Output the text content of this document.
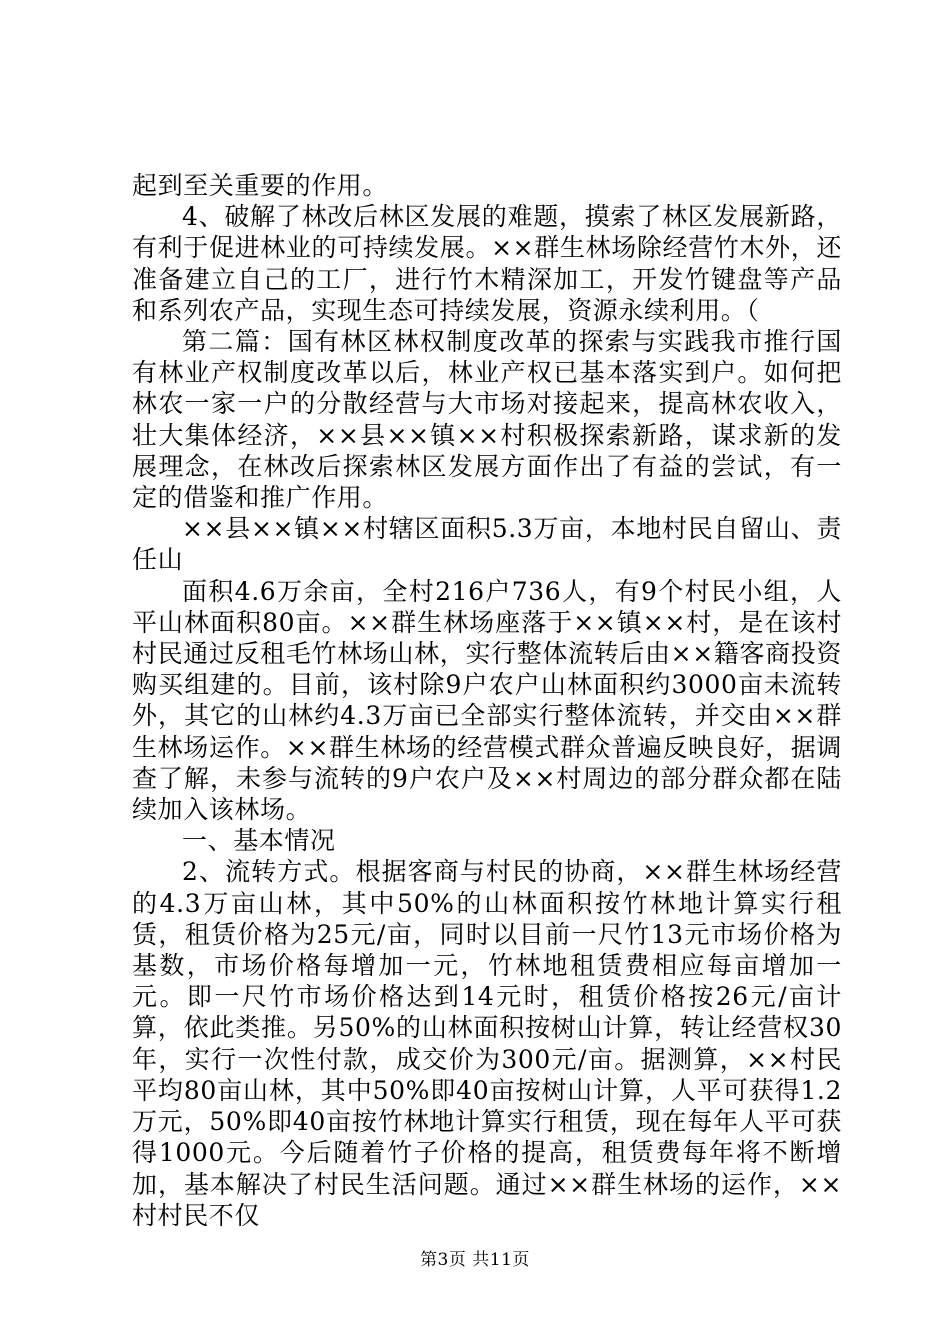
起到至关重要的作用。

4、破解了林改后林区发展的难题，摸索了林区发展新路，有利于促进林业的可持续发展。××群生林场除经营竹木外，还准备建立自己的工厂，进行竹木精深加工，开发竹键盘等产品和系列农产品，实现生态可持续发展，资源永续利用。（

第二篇：国有林区林权制度改革的探索与实践我市推行国有林业产权制度改革以后，林业产权已基本落实到户。如何把林农一家一户的分散经营与大市场对接起来，提高林农收入，壮大集体经济，××县××镇××村积极探索新路，谋求新的发展理念，在林改后探索林区发展方面作出了有益的尝试，有一定的借鉴和推广作用。

××县××镇××村辖区面积5.3万亩，本地村民自留山、责任山

面积4.6万余亩，全村216户736人，有9个村民小组，人平山林面积80亩。××群生林场座落于××镇××村，是在该村村民通过反租毛竹林场山林，实行整体流转后由××籍客商投资购买组建的。目前，该村除9户农户山林面积约3000亩未流转外，其它的山林约4.3万亩已全部实行整体流转，并交由××群生林场运作。××群生林场的经营模式群众普遍反映良好，据调查了解，未参与流转的9户农户及××村周边的部分群众都在陆续加入该林场。

一、基本情况

2、流转方式。根据客商与村民的协商，××群生林场经营的4.3万亩山林，其中50%的山林面积按竹林地计算实行租赁，租赁价格为25元/亩，同时以目前一尺竹13元市场价格为基数，市场价格每增加一元，竹林地租赁费相应每亩增加一元。即一尺竹市场价格达到14元时，租赁价格按26元/亩计算，依此类推。另50%的山林面积按树山计算，转让经营权30年，实行一次性付款，成交价为300元/亩。据测算，××村民平均80亩山林，其中50%即40亩按树山计算，人平可获得1.2万元，50%即40亩按竹林地计算实行租赁，现在每年人平可获得1000元。今后随着竹子价格的提高，租赁费每年将不断增加，基本解决了村民生活问题。通过××群生林场的运作，××村村民不仅

第3页 共11页
